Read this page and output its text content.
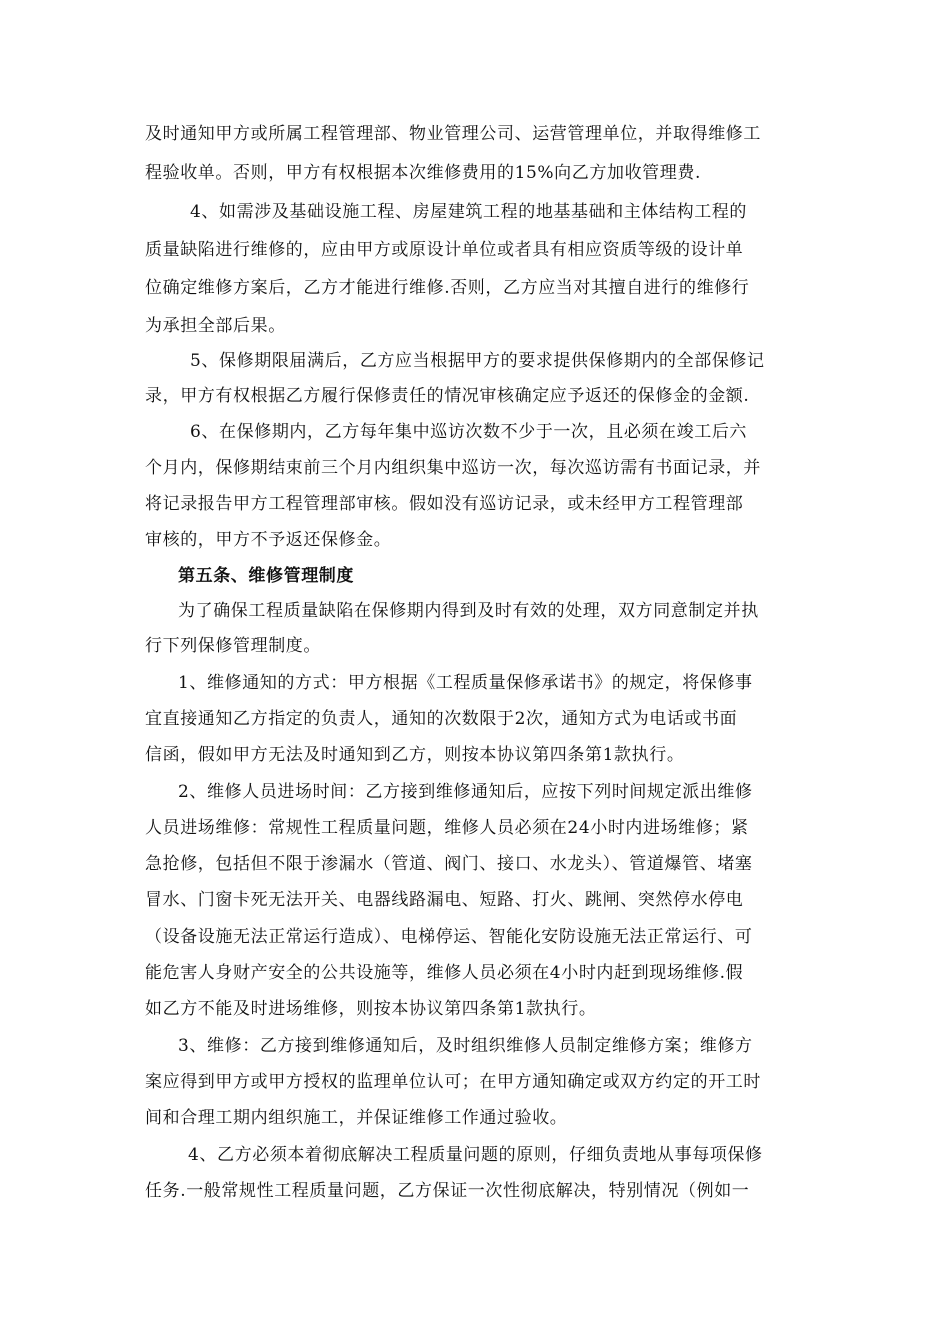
及时通知甲方或所属工程管理部、物业管理公司、运营管理单位，并取得维修工
程验收单。否则，甲方有权根据本次维修费用的15%向乙方加收管理费.
4、如需涉及基础设施工程、房屋建筑工程的地基基础和主体结构工程的
质量缺陷进行维修的，应由甲方或原设计单位或者具有相应资质等级的设计单
位确定维修方案后，乙方才能进行维修.否则，乙方应当对其擅自进行的维修行
为承担全部后果。
5、保修期限届满后，乙方应当根据甲方的要求提供保修期内的全部保修记
录，甲方有权根据乙方履行保修责任的情况审核确定应予返还的保修金的金额.
6、在保修期内，乙方每年集中巡访次数不少于一次，且必须在竣工后六
个月内，保修期结束前三个月内组织集中巡访一次，每次巡访需有书面记录，并
将记录报告甲方工程管理部审核。假如没有巡访记录，或未经甲方工程管理部
审核的，甲方不予返还保修金。
第五条、维修管理制度
为了确保工程质量缺陷在保修期内得到及时有效的处理，双方同意制定并执
行下列保修管理制度。
1、维修通知的方式：甲方根据《工程质量保修承诺书》的规定，将保修事
宜直接通知乙方指定的负责人，通知的次数限于2次，通知方式为电话或书面
信函，假如甲方无法及时通知到乙方，则按本协议第四条第1款执行。
2、维修人员进场时间：乙方接到维修通知后，应按下列时间规定派出维修
人员进场维修：常规性工程质量问题，维修人员必须在24小时内进场维修；紧
急抢修，包括但不限于渗漏水（管道、阀门、接口、水龙头）、管道爆管、堵塞
冒水、门窗卡死无法开关、电器线路漏电、短路、打火、跳闸、突然停水停电
（设备设施无法正常运行造成）、电梯停运、智能化安防设施无法正常运行、可
能危害人身财产安全的公共设施等，维修人员必须在4小时内赶到现场维修.假
如乙方不能及时进场维修，则按本协议第四条第1款执行。
3、维修：乙方接到维修通知后，及时组织维修人员制定维修方案；维修方
案应得到甲方或甲方授权的监理单位认可；在甲方通知确定或双方约定的开工时
间和合理工期内组织施工，并保证维修工作通过验收。
4、乙方必须本着彻底解决工程质量问题的原则，仔细负责地从事每项保修
任务.一般常规性工程质量问题，乙方保证一次性彻底解决，特别情况（例如一
